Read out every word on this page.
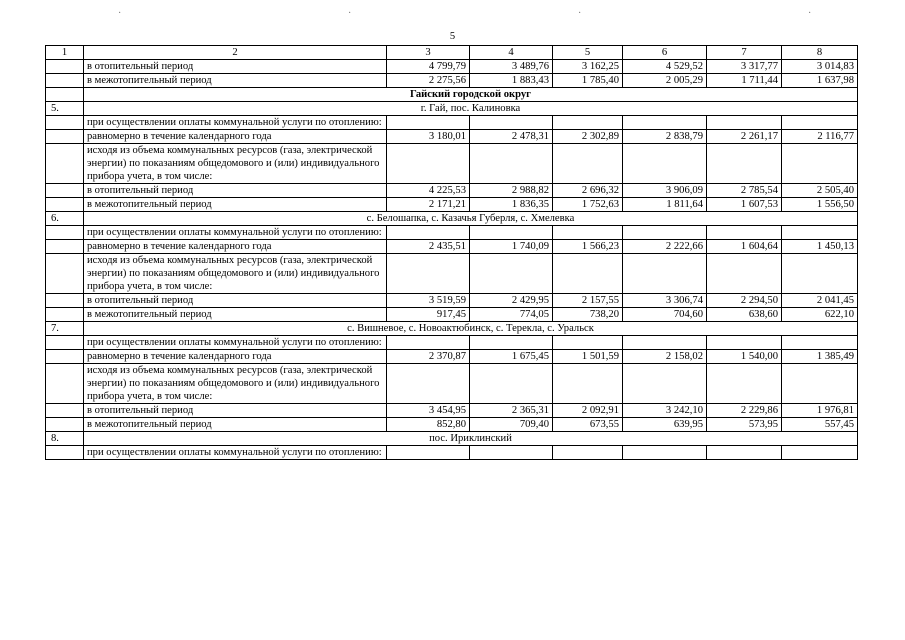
·	·	·	·
5
1	2	3	4	5	6	7	8
	в отопительный период	4 799,79	3 489,76	3 162,25	4 529,52	3 317,77	3 014,83
	в межотопительный период	2 275,56	1 883,43	1 785,40	2 005,29	1 711,44	1 637,98
	Гайский городской округ						
5.	г. Гай, пос. Калиновка						
	при осуществлении оплаты коммунальной услуги по отоплению:						
	равномерно в течение календарного года	3 180,01	2 478,31	2 302,89	2 838,79	2 261,17	2 116,77
	исходя из объема коммунальных ресурсов (газа, электрической энергии) по показаниям общедомового и (или) индивидуального прибора учета, в том числе:						
	в отопительный период	4 225,53	2 988,82	2 696,32	3 906,09	2 785,54	2 505,40
	в межотопительный период	2 171,21	1 836,35	1 752,63	1 811,64	1 607,53	1 556,50
6.	с. Белошапка, с. Казачья Губерля, с. Хмелевка						
	при осуществлении оплаты коммунальной услуги по отоплению:						
	равномерно в течение календарного года	2 435,51	1 740,09	1 566,23	2 222,66	1 604,64	1 450,13
	исходя из объема коммунальных ресурсов (газа, электрической энергии) по показаниям общедомового и (или) индивидуального прибора учета, в том числе:						
	в отопительный период	3 519,59	2 429,95	2 157,55	3 306,74	2 294,50	2 041,45
	в межотопительный период	917,45	774,05	738,20	704,60	638,60	622,10
7.	с. Вишневое, с. Новоактюбинск, с. Терекла, с. Уральск						
	при осуществлении оплаты коммунальной услуги по отоплению:						
	равномерно в течение календарного года	2 370,87	1 675,45	1 501,59	2 158,02	1 540,00	1 385,49
	исходя из объема коммунальных ресурсов (газа, электрической энергии) по показаниям общедомового и (или) индивидуального прибора учета, в том числе:						
	в отопительный период	3 454,95	2 365,31	2 092,91	3 242,10	2 229,86	1 976,81
	в межотопительный период	852,80	709,40	673,55	639,95	573,95	557,45
8.	пос. Ириклинский						
	при осуществлении оплаты коммунальной услуги по отоплению:						
